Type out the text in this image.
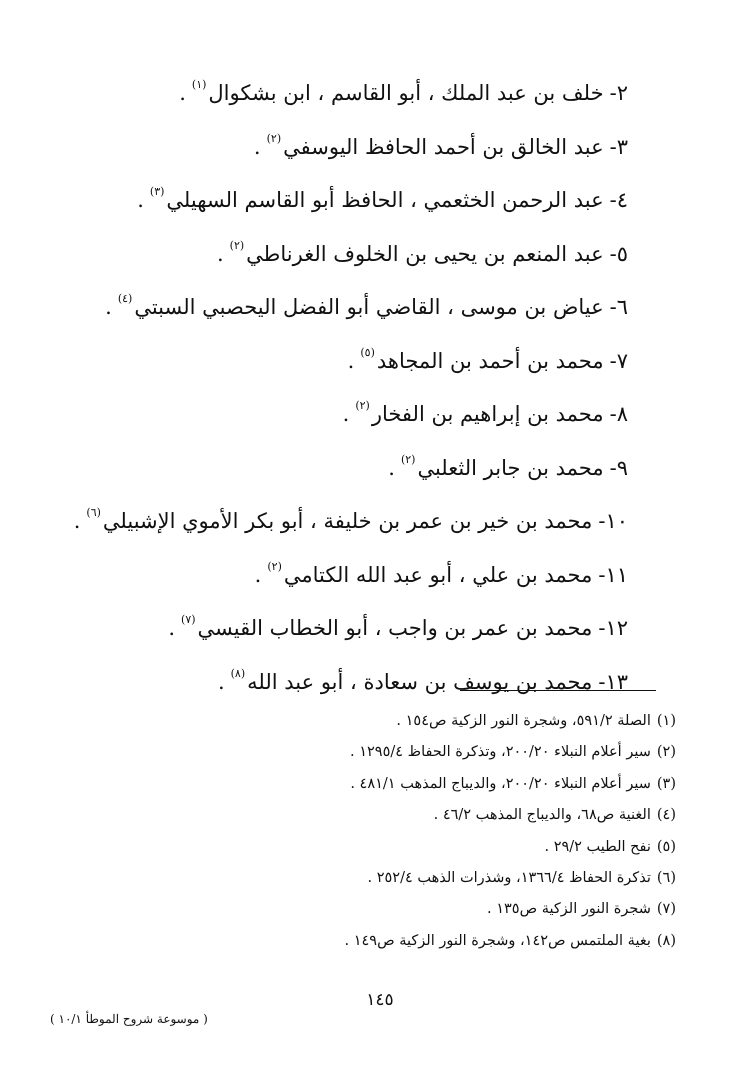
٢-خلف بن عبد الملك ، أبو القاسم ، ابن بشكوال$^{(١)}$.
٣-عبد الخالق بن أحمد الحافظ اليوسفي$^{(٢)}$.
٤-عبد الرحمن الخثعمي ، الحافظ أبو القاسم السهيلي$^{(٣)}$.
٥-عبد المنعم بن يحيى بن الخلوف الغرناطي$^{(٢)}$.
٦-عياض بن موسى ، القاضي أبو الفضل اليحصبي السبتي$^{(٤)}$.
٧-محمد بن أحمد بن المجاهد$^{(٥)}$.
٨-محمد بن إبراهيم بن الفخار$^{(٢)}$.
٩-محمد بن جابر الثعلبي$^{(٢)}$.
١٠-محمد بن خير بن عمر بن خليفة ، أبو بكر الأموي الإشبيلي$^{(٦)}$.
١١-محمد بن علي ، أبو عبد الله الكتامي$^{(٢)}$.
١٢-محمد بن عمر بن واجب ، أبو الخطاب القيسي$^{(٧)}$.
١٣-محمد بن يوسف بن سعادة ، أبو عبد الله$^{(٨)}$.
(١)الصلة ٥٩١/٢، وشجرة النور الزكية ص١٥٤ .
(٢)سير أعلام النبلاء ٢٠٠/٢٠، وتذكرة الحفاظ ١٢٩٥/٤ .
(٣)سير أعلام النبلاء ٢٠٠/٢٠، والديباج المذهب ٤٨١/١ .
(٤)الغنية ص٦٨، والديباج المذهب ٤٦/٢ .
(٥)نفح الطيب ٢٩/٢ .
(٦)تذكرة الحفاظ ١٣٦٦/٤، وشذرات الذهب ٢٥٢/٤ .
(٧)شجرة النور الزكية ص١٣٥ .
(٨)بغية الملتمس ص١٤٢، وشجرة النور الزكية ص١٤٩ .
١٤٥
( موسوعة شروح الموطأ ١٠/١ )
